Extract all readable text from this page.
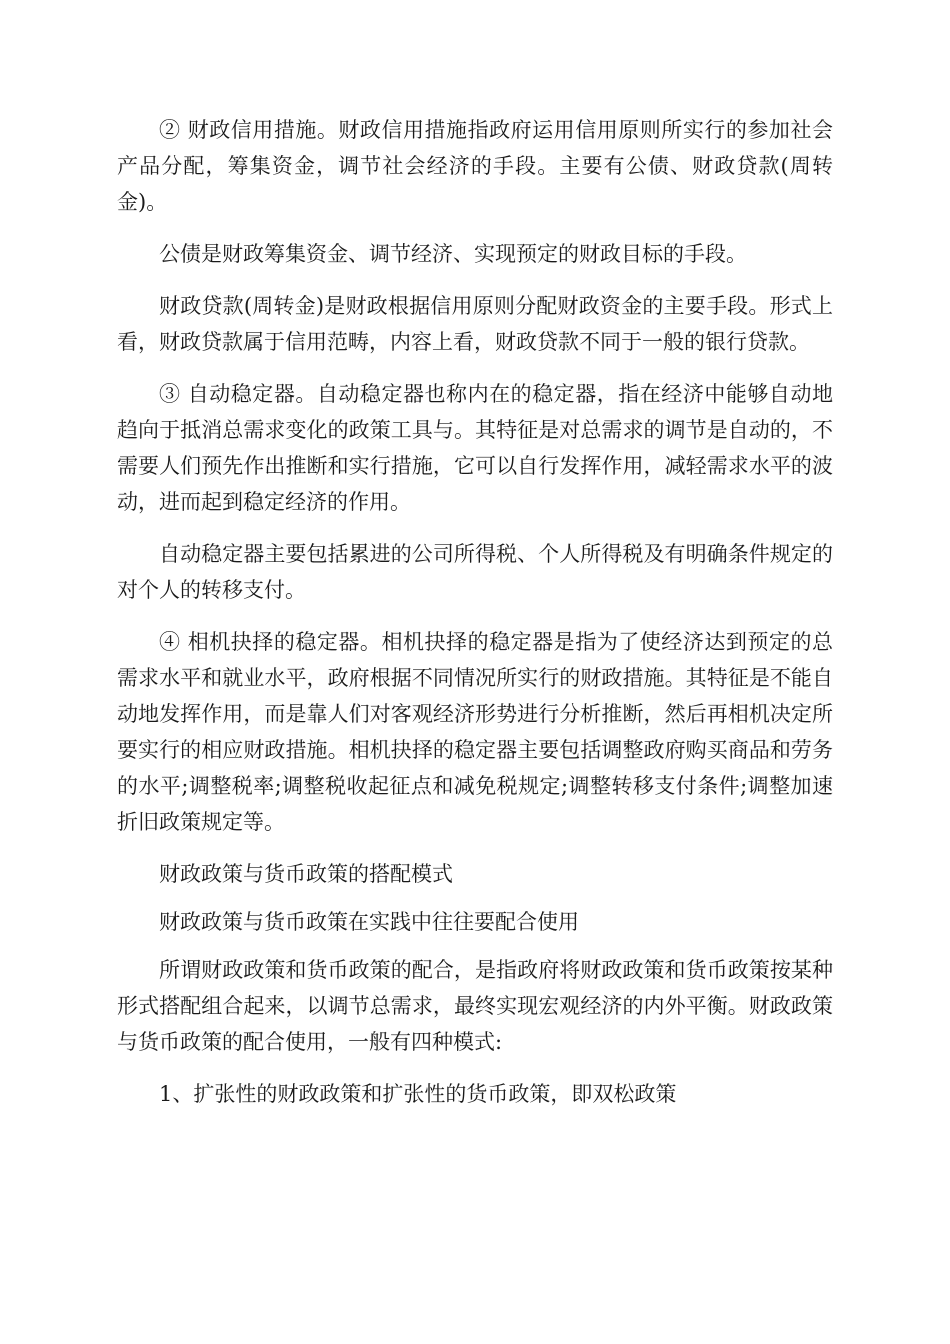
② 财政信用措施。财政信用措施指政府运用信用原则所实行的参加社会产品分配，筹集资金，调节社会经济的手段。主要有公债、财政贷款(周转金)。

公债是财政筹集资金、调节经济、实现预定的财政目标的手段。

财政贷款(周转金)是财政根据信用原则分配财政资金的主要手段。形式上看，财政贷款属于信用范畴，内容上看，财政贷款不同于一般的银行贷款。

③ 自动稳定器。自动稳定器也称内在的稳定器，指在经济中能够自动地趋向于抵消总需求变化的政策工具与。其特征是对总需求的调节是自动的，不需要人们预先作出推断和实行措施，它可以自行发挥作用，减轻需求水平的波动，进而起到稳定经济的作用。

自动稳定器主要包括累进的公司所得税、个人所得税及有明确条件规定的对个人的转移支付。

④ 相机抉择的稳定器。相机抉择的稳定器是指为了使经济达到预定的总需求水平和就业水平，政府根据不同情况所实行的财政措施。其特征是不能自动地发挥作用，而是靠人们对客观经济形势进行分析推断，然后再相机决定所要实行的相应财政措施。相机抉择的稳定器主要包括调整政府购买商品和劳务的水平;调整税率;调整税收起征点和减免税规定;调整转移支付条件;调整加速折旧政策规定等。

财政政策与货币政策的搭配模式

财政政策与货币政策在实践中往往要配合使用

所谓财政政策和货币政策的配合，是指政府将财政政策和货币政策按某种形式搭配组合起来，以调节总需求，最终实现宏观经济的内外平衡。财政政策与货币政策的配合使用，一般有四种模式:

1、扩张性的财政政策和扩张性的货币政策，即双松政策
